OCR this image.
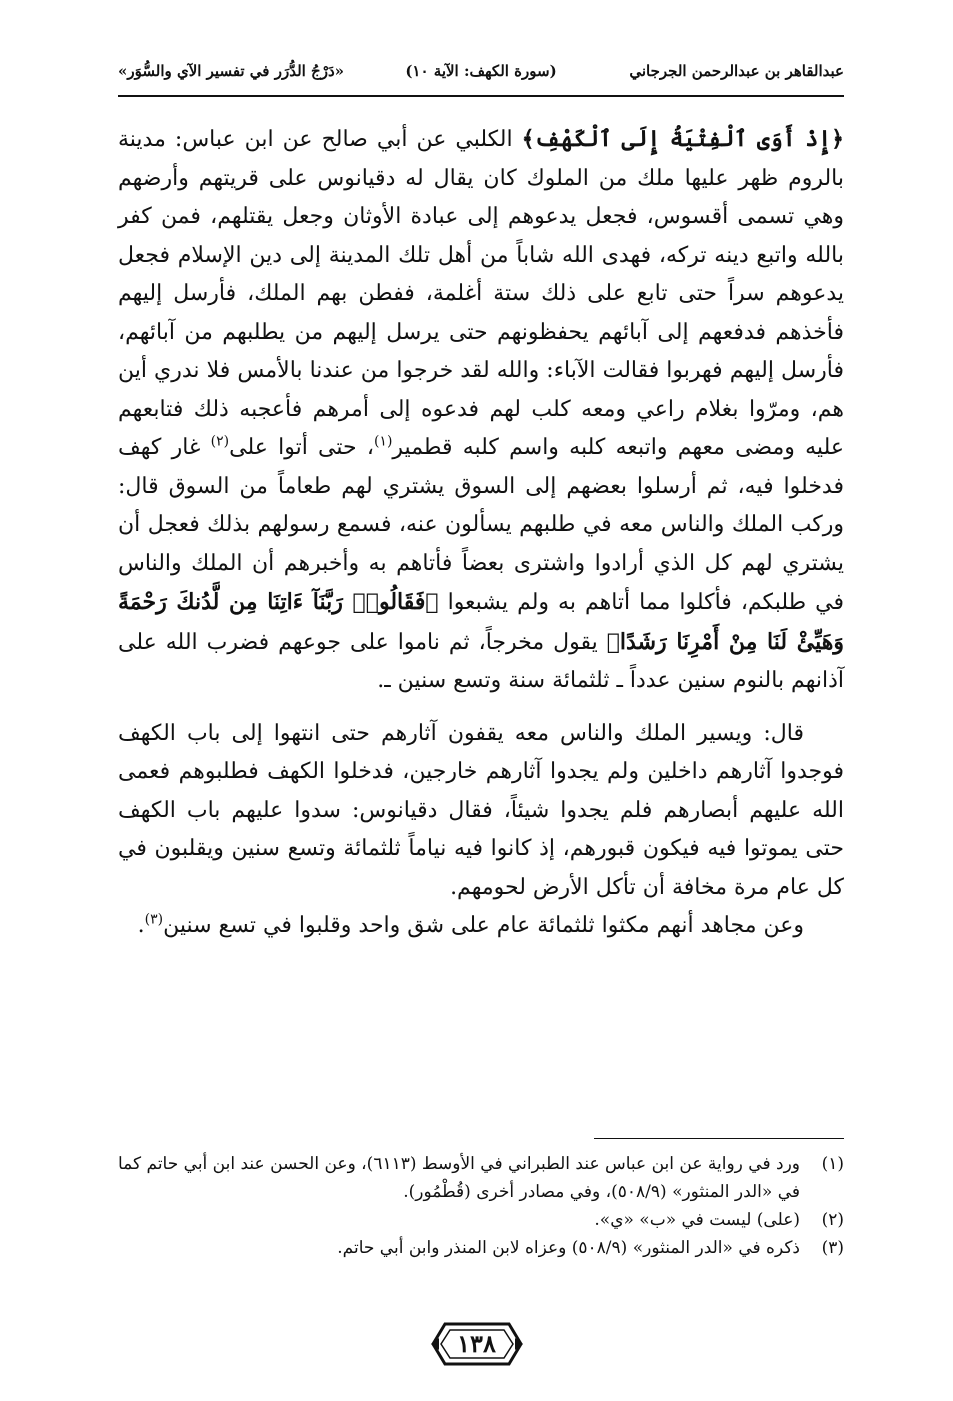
عبدالقاهر بن عبدالرحمن الجرجاني
(سورة الكهف: الآية ١٠)
«دَرْجُ الدُّرَر في تفسير الآي والسُّوَر»

﴿إِذْ أَوَى ٱلْفِتْيَةُ إِلَى ٱلْكَهْفِ﴾ الكلبي عن أبي صالح عن ابن عباس: مدينة بالروم ظهر عليها ملك من الملوك كان يقال له دقيانوس على قريتهم وأرضهم وهي تسمى أقسوس، فجعل يدعوهم إلى عبادة الأوثان وجعل يقتلهم، فمن كفر بالله واتبع دينه تركه، فهدى الله شاباً من أهل تلك المدينة إلى دين الإسلام فجعل يدعوهم سراً حتى تابع على ذلك ستة أغلمة، ففطن بهم الملك، فأرسل إليهم فأخذهم فدفعهم إلى آبائهم يحفظونهم حتى يرسل إليهم من يطلبهم من آبائهم، فأرسل إليهم فهربوا فقالت الآباء: والله لقد خرجوا من عندنا بالأمس فلا ندري أين هم، ومرّوا بغلام راعي ومعه كلب لهم فدعوه إلى أمرهم فأعجبه ذلك فتابعهم عليه ومضى معهم واتبعه كلبه واسم كلبه قطمير$^{(١)}$، حتى أتوا على$^{(٢)}$ غار كهف فدخلوا فيه، ثم أرسلوا بعضهم إلى السوق يشتري لهم طعاماً من السوق قال: وركب الملك والناس معه في طلبهم يسألون عنه، فسمع رسولهم بذلك فعجل أن يشتري لهم كل الذي أرادوا واشترى بعضاً فأتاهم به وأخبرهم أن الملك والناس في طلبكم، فأكلوا مما أتاهم به ولم يشبعوا ﴿فَقَالُوا۟ رَبَّنَآ ءَاتِنَا مِن لَّدُنكَ رَحْمَةً وَهَيِّئْ لَنَا مِنْ أَمْرِنَا رَشَدًا﴾ يقول مخرجاً، ثم ناموا على جوعهم فضرب الله على آذانهم بالنوم سنين عدداً ـ ثلثمائة سنة وتسع سنين ـ.

قال: ويسير الملك والناس معه يقفون آثارهم حتى انتهوا إلى باب الكهف فوجدوا آثارهم داخلين ولم يجدوا آثارهم خارجين، فدخلوا الكهف فطلبوهم فعمى الله عليهم أبصارهم فلم يجدوا شيئاً، فقال دقيانوس: سدوا عليهم باب الكهف حتى يموتوا فيه فيكون قبورهم، إذ كانوا فيه نياماً ثلثمائة وتسع سنين ويقلبون في كل عام مرة مخافة أن تأكل الأرض لحومهم.

وعن مجاهد أنهم مكثوا ثلثمائة عام على شق واحد وقلبوا في تسع سنين$^{(٣)}$.

(١)
ورد في رواية عن ابن عباس عند الطبراني في الأوسط (٦١١٣)، وعن الحسن عند ابن أبي حاتم كما في «الدر المنثور» (٥٠٨/٩)، وفي مصادر أخرى (قُطْمُور).
(٢)
(على) ليست في «ب» «ي».
(٣)
ذكره في «الدر المنثور» (٥٠٨/٩) وعزاه لابن المنذر وابن أبي حاتم.
١٣٨
